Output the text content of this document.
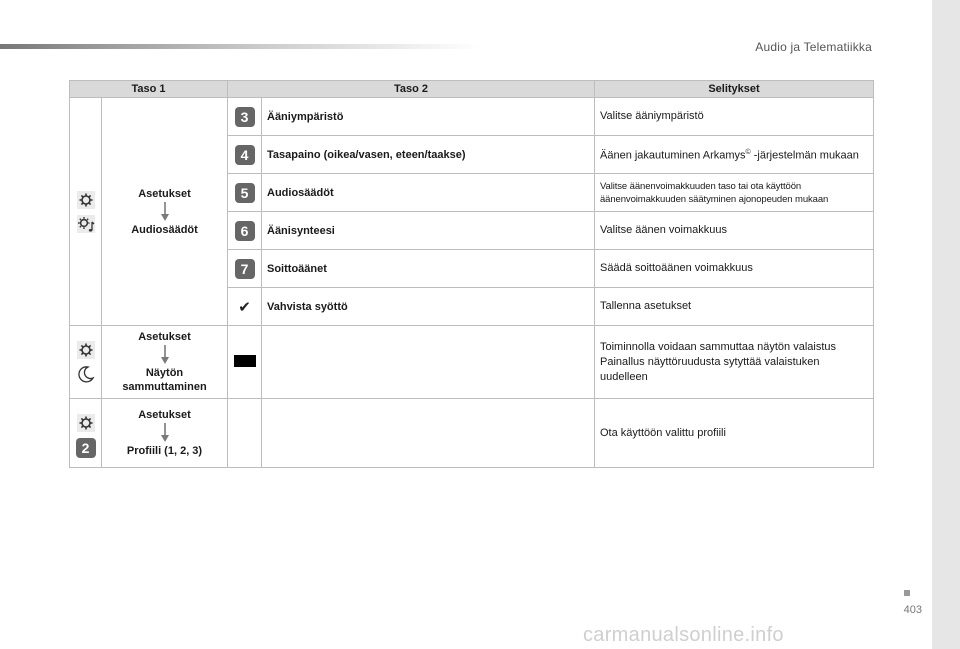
Audio ja Telematiikka
Taso 1		Taso 2		Selitykset

Asetukset
Audiosäädöt	3	Ääniympäristö	Valitse ääniympäristö
		4	Tasapaino (oikea/vasen, eteen/taakse)	Äänen jakautuminen Arkamys© -järjestelmän mukaan
		5	Audiosäädöt	Valitse äänenvoimakkuuden taso tai ota käyttöön äänenvoimakkuuden säätyminen ajonopeuden mukaan
		6	Äänisynteesi	Valitse äänen voimakkuus
		7	Soittoäänet	Säädä soittoäänen voimakkuus
		✔	Vahvista syöttö	Tallenna asetukset

Asetukset
Näytön sammuttaminen			Toiminnolla voidaan sammuttaa näytön valaistus Painallus näyttöruudusta sytyttää valaistuken uudelleen

2	Asetukset
Profiili (1, 2, 3)			Ota käyttöön valittu profiili
403
carmanualsonline.info
